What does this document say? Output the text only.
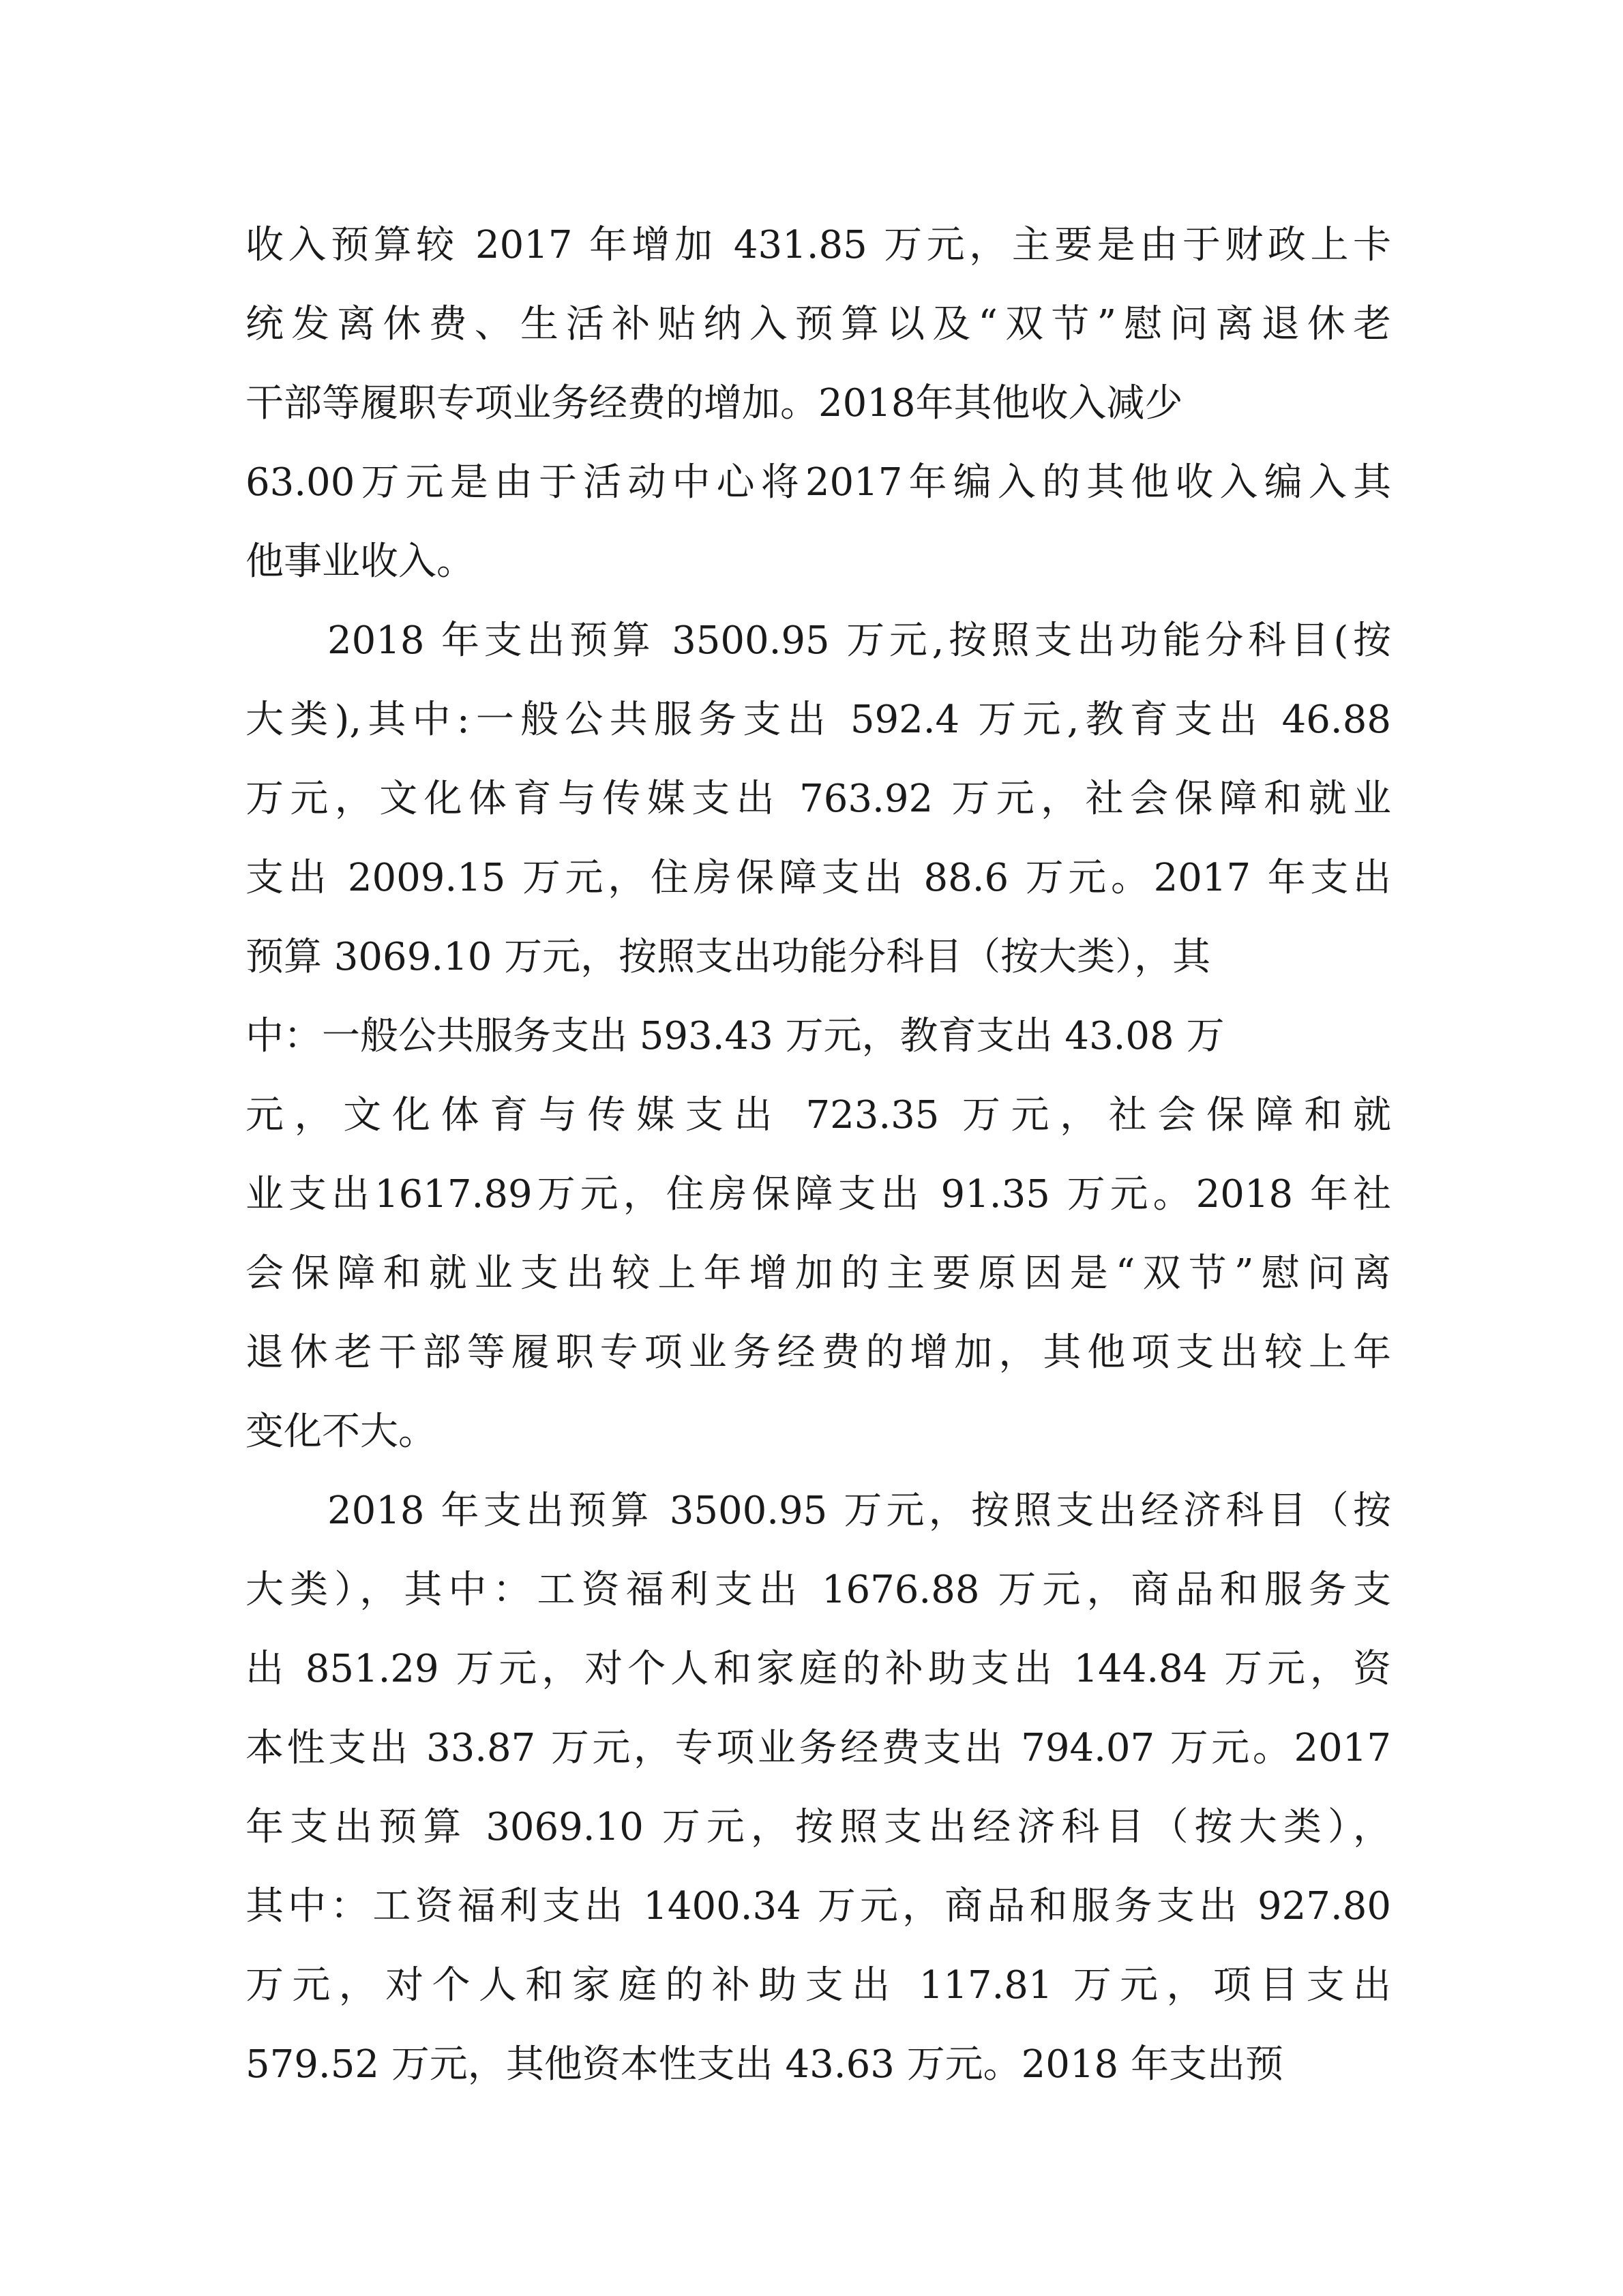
收入预算较 2017 年增加 431.85 万元，主要是由于财政上卡
统发离休费、生活补贴纳入预算以及“双节”慰问离退休老
干部等履职专项业务经费的增加。2018年其他收入减少
63.00万元是由于活动中心将2017年编入的其他收入编入其
他事业收入。
2018 年支出预算 3500.95 万元,按照支出功能分科目(按
大类),其中:一般公共服务支出 592.4 万元,教育支出 46.88
万元，文化体育与传媒支出 763.92 万元，社会保障和就业
支出 2009.15 万元，住房保障支出 88.6 万元。2017 年支出
预算 3069.10 万元，按照支出功能分科目（按大类），其
中：一般公共服务支出 593.43 万元，教育支出 43.08 万
元，文化体育与传媒支出 723.35 万元，社会保障和就
业支出1617.89万元，住房保障支出 91.35 万元。2018 年社
会保障和就业支出较上年增加的主要原因是“双节”慰问离
退休老干部等履职专项业务经费的增加，其他项支出较上年
变化不大。
2018 年支出预算 3500.95 万元，按照支出经济科目（按
大类），其中：工资福利支出 1676.88 万元，商品和服务支
出 851.29 万元，对个人和家庭的补助支出 144.84 万元，资
本性支出 33.87 万元，专项业务经费支出 794.07 万元。2017
年支出预算 3069.10 万元，按照支出经济科目（按大类），
其中：工资福利支出 1400.34 万元，商品和服务支出 927.80
万元，对个人和家庭的补助支出 117.81 万元，项目支出
579.52 万元，其他资本性支出 43.63 万元。2018 年支出预
